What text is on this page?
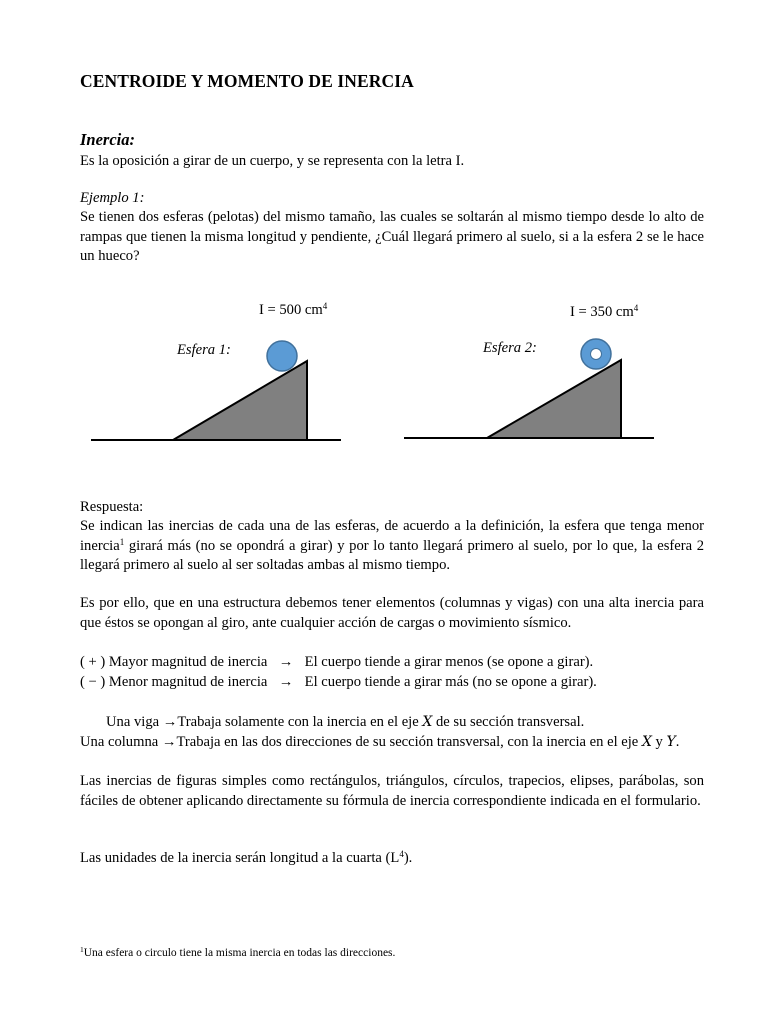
CENTROIDE Y MOMENTO DE INERCIA
Inercia:
Es la oposición a girar de un cuerpo, y se representa con la letra I.
Ejemplo 1:
Se tienen dos esferas (pelotas) del mismo tamaño, las cuales se soltarán al mismo tiempo desde lo alto de rampas que tienen la misma longitud y pendiente, ¿Cuál llegará primero al suelo, si a la esfera 2 se le hace un hueco?
I = 500 $cm^4$	I = 350 $cm^4$
Esfera 1:	Esfera 2:
Respuesta:
Se indican las inercias de cada una de las esferas, de acuerdo a la definición, la esfera que tenga menor inercia$^1$ girará más (no se opondrá a girar) y por lo tanto llegará primero al suelo, por lo que, la esfera 2 llegará primero al suelo al ser soltadas ambas al mismo tiempo.
Es por ello, que en una estructura debemos tener elementos (columnas y vigas) con una alta inercia para que éstos se opongan al giro, ante cualquier acción de cargas o movimiento sísmico.
( + ) Mayor magnitud de inercia → El cuerpo tiende a girar menos (se opone a girar).
( − ) Menor magnitud de inercia → El cuerpo tiende a girar más (no se opone a girar).
Una viga →Trabaja solamente con la inercia en el eje X de su sección transversal.
Una columna →Trabaja en las dos direcciones de su sección transversal, con la inercia en el eje X y Y.
Las inercias de figuras simples como rectángulos, triángulos, círculos, trapecios, elipses, parábolas, son fáciles de obtener aplicando directamente su fórmula de inercia correspondiente indicada en el formulario.
Las unidades de la inercia serán longitud a la cuarta $(L^4)$.
$^1$Una esfera o circulo tiene la misma inercia en todas las direcciones.
